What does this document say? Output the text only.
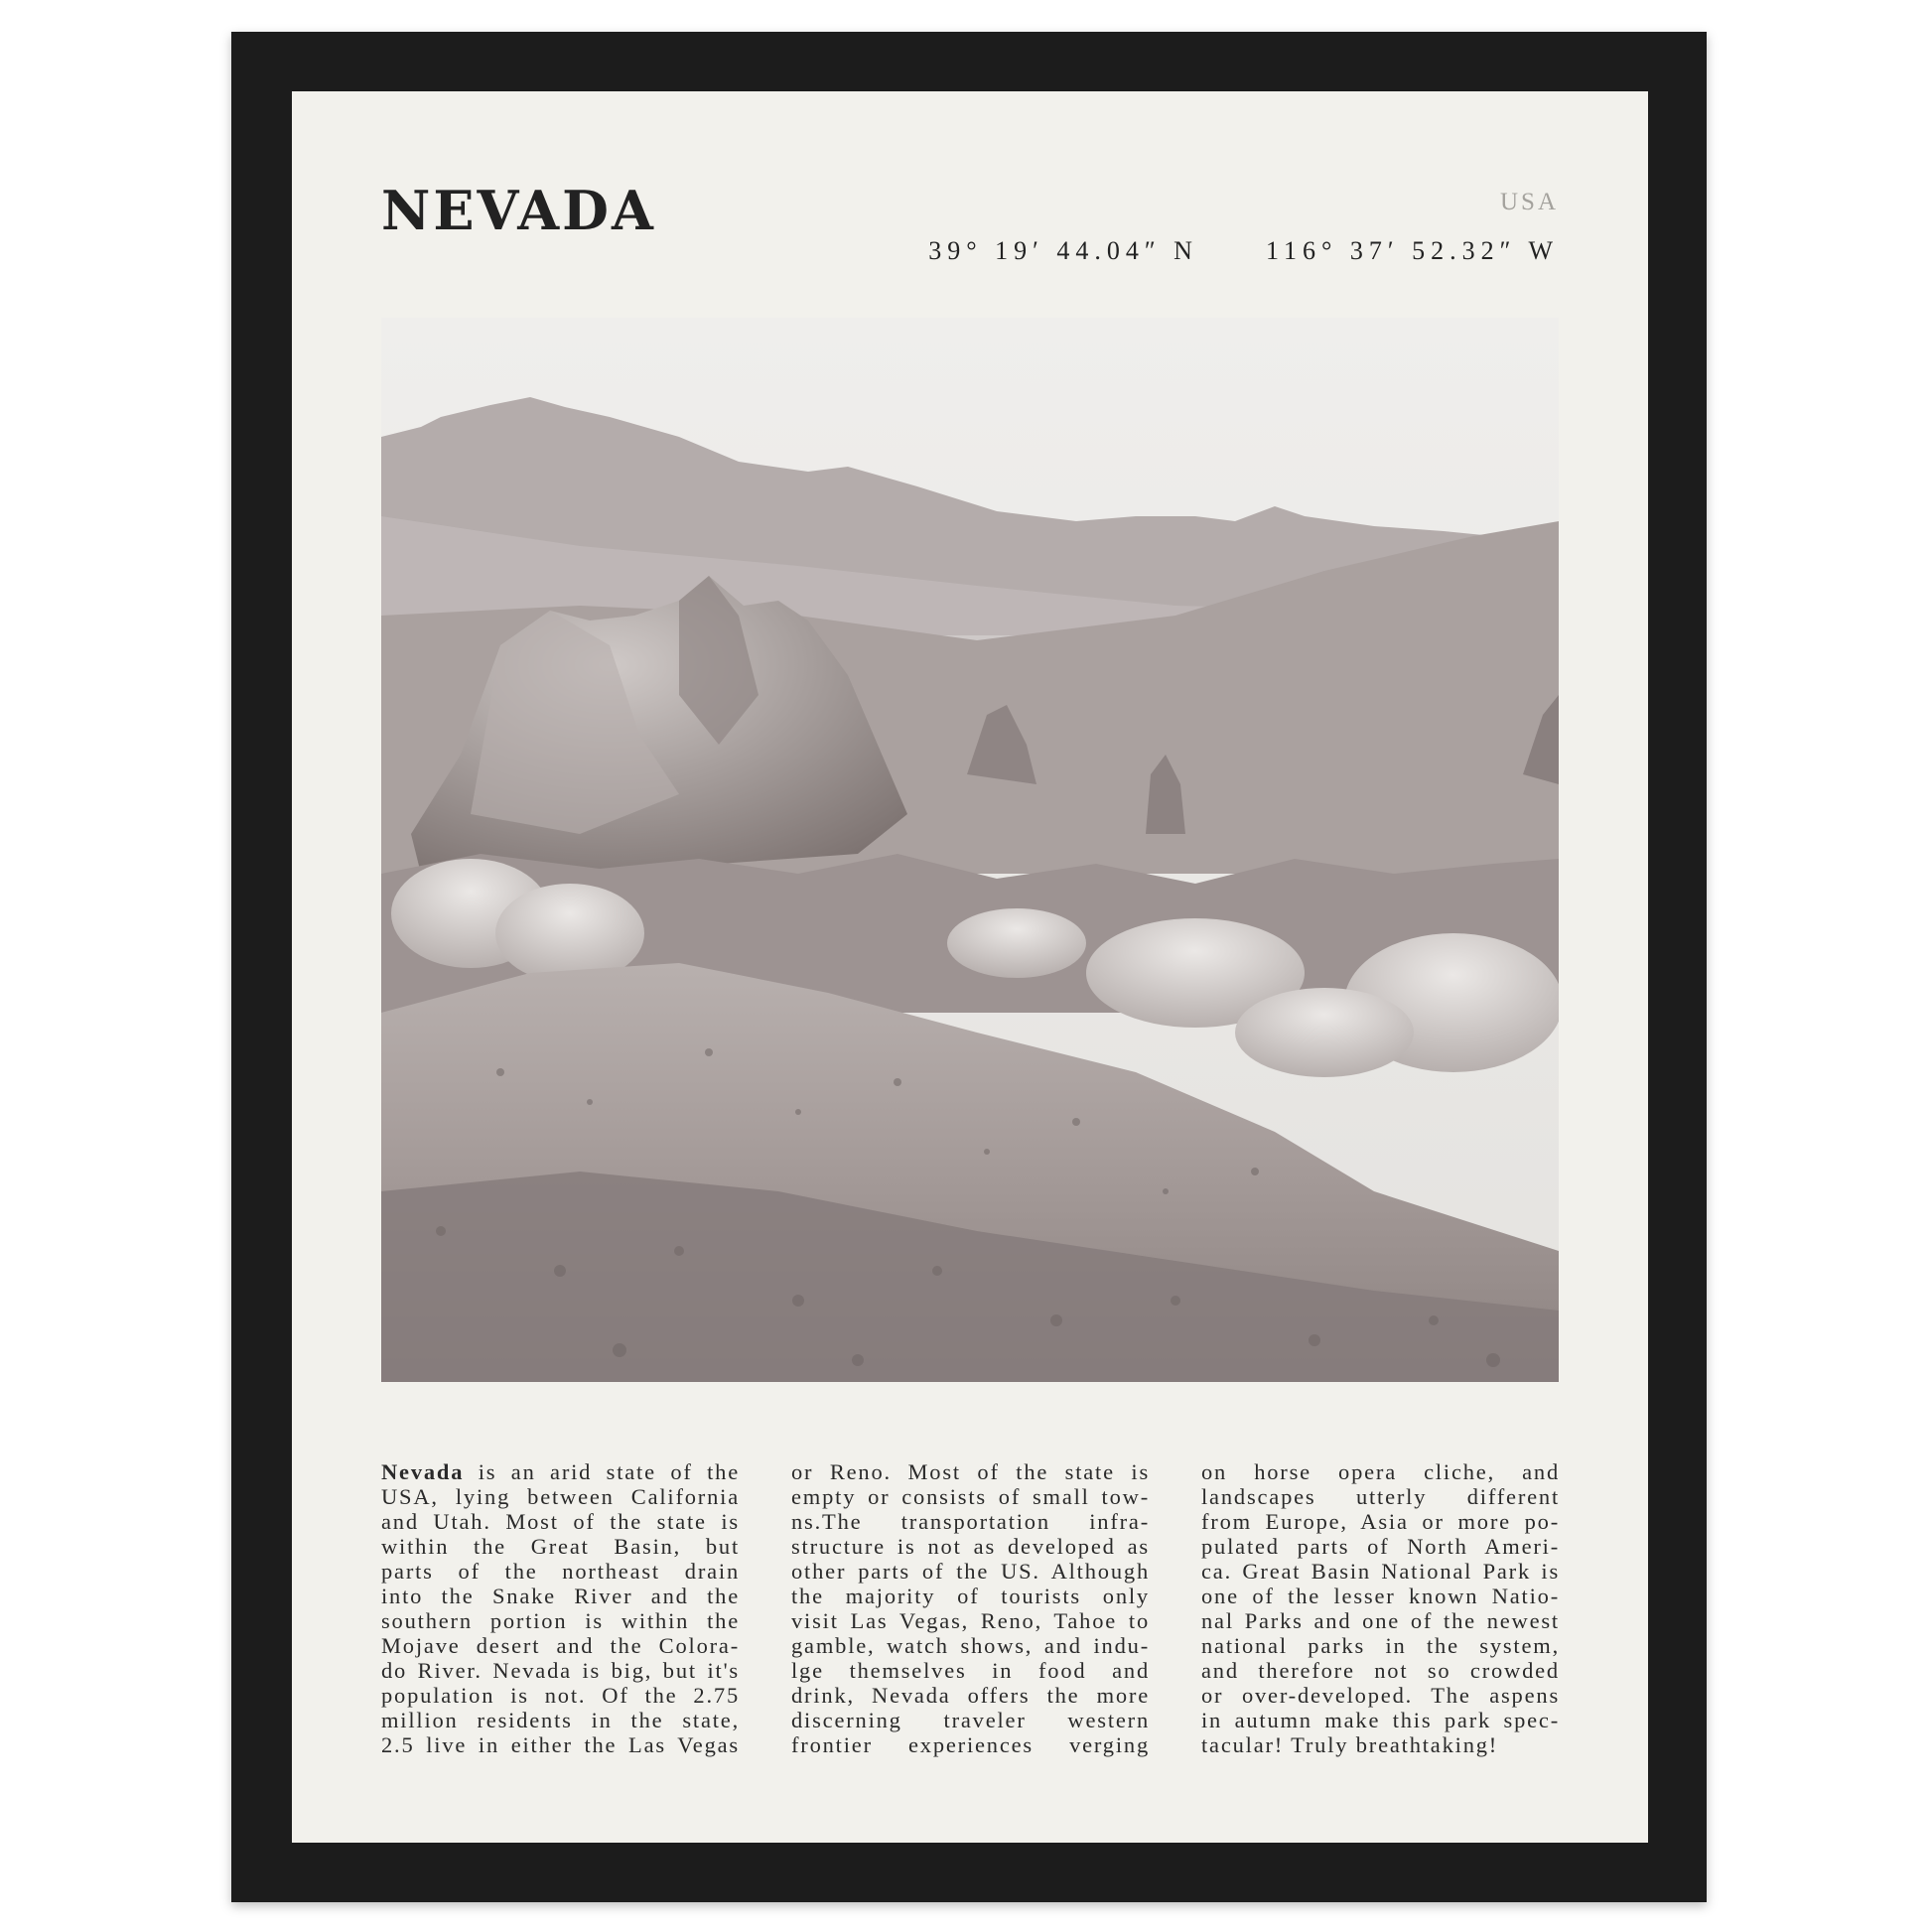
NEVADA	USA
39° 19′ 44.04″ N	116° 37′ 52.32″ W

Nevada is an arid state of the
USA, lying between California
and Utah. Most of the state is
within the Great Basin, but
parts of the northeast drain
into the Snake River and the
southern portion is within the
Mojave desert and the Colora-
do River. Nevada is big, but it's
population is not. Of the 2.75
million residents in the state,
2.5 live in either the Las Vegas

or Reno. Most of the state is
empty or consists of small tow-
ns.The transportation infra-
structure is not as developed as
other parts of the US. Although
the majority of tourists only
visit Las Vegas, Reno, Tahoe to
gamble, watch shows, and indu-
lge themselves in food and
drink, Nevada offers the more
discerning traveler western
frontier experiences verging

on horse opera cliche, and
landscapes utterly different
from Europe, Asia or more po-
pulated parts of North Ameri-
ca. Great Basin National Park is
one of the lesser known Natio-
nal Parks and one of the newest
national parks in the system,
and therefore not so crowded
or over-developed. The aspens
in autumn make this park spec-
tacular! Truly breathtaking!
